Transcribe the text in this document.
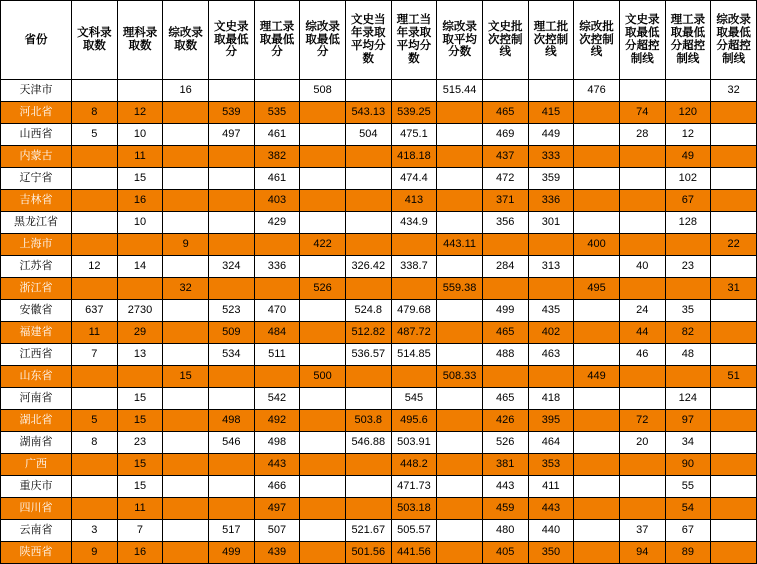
省份	文科录取数	理科录取数	综改录取数	文史录取最低分	理工录取最低分	综改录取最低分	文史当年录取平均分数	理工当年录取平均分数	综改录取平均分数	文史批次控制线	理工批次控制线	综改批次控制线	文史录取最低分超控制线	理工录取最低分超控制线	综改录取最低分超控制线
天津市			16			508			515.44			476			32
河北省	8	12		539	535		543.13	539.25		465	415		74	120	
山西省	5	10		497	461		504	475.1		469	449		28	12	
内蒙古		11			382			418.18		437	333			49	
辽宁省		15			461			474.4		472	359			102	
吉林省		16			403			413		371	336			67	
黑龙江省		10			429			434.9		356	301			128	
上海市			9			422			443.11			400			22
江苏省	12	14		324	336		326.42	338.7		284	313		40	23	
浙江省			32			526			559.38			495			31
安徽省	637	2730		523	470		524.8	479.68		499	435		24	35	
福建省	11	29		509	484		512.82	487.72		465	402		44	82	
江西省	7	13		534	511		536.57	514.85		488	463		46	48	
山东省			15			500			508.33			449			51
河南省		15			542			545		465	418			124	
湖北省	5	15		498	492		503.8	495.6		426	395		72	97	
湖南省	8	23		546	498		546.88	503.91		526	464		20	34	
广西		15			443			448.2		381	353			90	
重庆市		15			466			471.73		443	411			55	
四川省		11			497			503.18		459	443			54	
云南省	3	7		517	507		521.67	505.57		480	440		37	67	
陕西省	9	16		499	439		501.56	441.56		405	350		94	89	
